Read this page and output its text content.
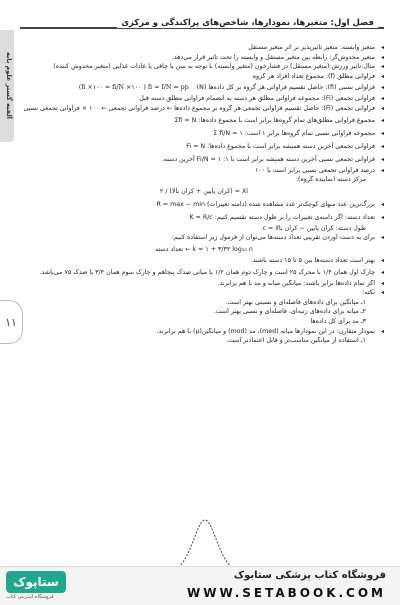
آلفبه گستر علوم پایه
۱۱
فصل اول: متغیرها، نمودارها، شاخص‌های پراکندگی و مرکزی
◂
متغیر وابسته: متغیر تاثیرپذیر بر اثر متغیر مستقل
◂
متغیر مخدوش‌گر: رابطه بین متغیر مستقل و وابسته را تحت تاثیر قرار می‌دهد.
◂
مثال:تاثیر ورزش (متغیر مستقل) در فشارخون (متغیر وابسته) با توجه به سن یا چاقی یا عادات غذایی (متغیر مخدوش کننده)
◂
فراوانی مطلق (f): مجموع تعداد افراد هر گروه
◂
فراوانی نسبی (fi): حاصل تقسیم فراوانی هر گروه بر کل داده‌ها (N) (fi ×۱۰۰ = fi/N ×۱۰۰ ) fi = f/N ⇐ pp
◂
فراوانی تجمعی (Fi): مجموعه فراوانی مطلق هر دسته به انضمام فراوانی مطلق دسته قبل
◂
فراوانی تجمعی (Fi): حاصل تقسیم فراوانی تجمعی هر گروه بر مجموع داده‌ها ← درصد فراوانی تجمعی ← ۱۰۰ × فراوانی تجمعی نسبی
◂
مجموع فراوانی مطلق‌های تمام گروه‌ها برابر است با مجموع داده‌ها: Σfi = N
◂
مجموعه فراوانی نسبی تمام گروه‌ها برابر ۱ است: ۱ = Σ fi/N
◂
فراوانی تجمعی آخرین دسته همیشه برابر است با مجموع داده‌ها: Fi = N
◂
فراوانی تجمعی نسبی آخرین دسته همیشه برابر است با ۱: ۱ = Fi/N آخرین دسته.
◂
درصد فراوانی تجمعی نسبی برابر است با ۱۰۰
مرکز دسته (نماینده گروه):
Xi = (کران پایین + کران بالا) / ۲
◂
بزرگ‌ترین عدد منهای کوچک‌تر عدد مشاهده شده (دامنه تغییرات) R = max − min
◂
تعداد دسته: اگر دامنه‌ی تغییرات را بر طول دسته تقسیم کنیم: K = R/c
طول دسته: کران پایین − کران بالا = c
◂
برای به دست آوردن تقریبی تعداد دسته‌ها می‌توان از فرمول زیر استفاده کنیم:
k = ۱ + ۳/۳۲ log₁₀ n ← تعداد دسته
◂
بهتر است تعداد دسته‌ها بین ۵ تا ۱۵ دسته باشند.
◂
چارک اول همان ۱/۴ با محرک ۲۵ است و چارک دوم همان ۱/۲ یا میانی صدک پنجاهم و چارک سوم همان ۳/۴ با صدک ۷۵ می‌باشد.
◂
اگر تمام داده‌ها برابر باشند: میانگین میانه و مد با هم برابرند.
◂
نکته:
۱ـ میانگین برای داده‌های فاصله‌ای و نسبتی بهتر است.
۲ـ میانه برای داده‌های رتبه‌ای، فاصله‌ای و نسبی بهتر است.
۳ـ مد برای کل داده‌ها
◂
نمودار متقارن: در این نمودارها میانه (med)، مد (mod) و میانگین(μ) با هم برابرند.
۱ـ استفاده از میانگین مناسب‌تر و قابل اعتمادتر است.
ستاپوک
فروشگاه اینترنتی کتاب
فروشگاه کتاب پزشکی ستابوک
WWW.SETABOOK.COM
